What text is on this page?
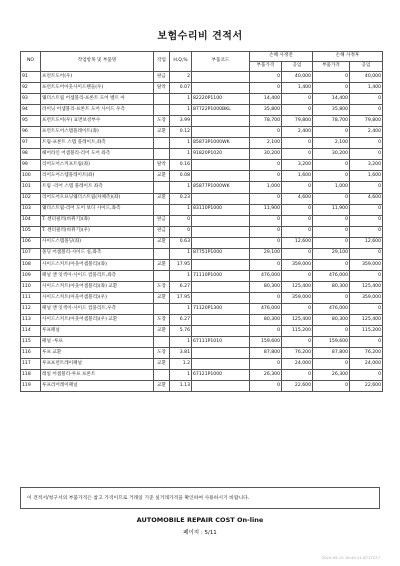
보험수리비 견적서
NO	작업항목 및 부품명	작업	H,Q,%	부품코드	손해 사정전		손해 사정후	
					부품가격	공임	부품가격	공임
91	프런트도어(우)	판금	2		0	40,000	0	40,000
92	프런트도어아웃사이드핸들(우)	탈착	0.07		0	1,400	0	1,400
93	웨더스트립 어셈블리-프론트 도어 벨트 아		1	82220P1100	14,400	0	14,400	0
94	라이닝 어셈블리-프론트 도어 사이드 우측		1	87722P1000BKL	35,800	0	35,800	0
95	프런트도어(우) 표면보강부수	도장	3.99		78,700	79,800	78,700	79,800
96	프런트도어스텝플레이트(좌)	교환	0.12		0	2,400	0	2,400
97	트림-프론트 스텝 플레이트,좌측		1	85873P1000WK	2,100	0	2,100	0
98	헤어라인 어셈블리-리어 도어 좌측		1	91820P1020	30,200	0	30,200	0
99	리어도어스커프트림(좌)	탈착	0.16		0	3,200	0	3,200
100	리어도어스텝플레이트(좌)	교환	0.08		0	1,600	0	1,600
101	트림 -리어 스텝 플레이트 좌측		1	85877P1000WK	1,000	0	1,000	0
102	리어도어오프닝웨더스트립(차체측)(좌)	교환	0.23		0	4,600	0	4,600
103	웨더스트립-리어 도어 보디 사이드,좌측		1	83110P1000	11,900	0	11,900	0
104	T. 센터필러(바뀌기)(좌)	판금	0		0	0	0	0
105	T. 센터필러(바뀌기)(우)	판금	0		0	0	0	0
106	사이드스텝몰딩(좌)	교환	0.63		0	12,600	0	12,600
107	몰딩 어셈블리-사이드 실,좌측		1	87751P1000	29,100	0	29,100	0
108	사이드스커트(아웃어셈블리)(좌)	교환	17.95		0	359,000	0	359,000
109	패널 앤 잇섹이-사이드 컴플리트,좌측		1	71110P1000	476,000	0	476,000	0
110	사이드스커트(아웃어셈블리)(좌) 교환	도장	6.27		80,300	125,400	80,300	125,400
111	사이드스커트(아웃어셈블리)(우)	교환	17.95		0	359,000	0	359,000
112	패널 앤 잇섹이-사이드 컴플리트,우측		1	71120P1300	476,000	0	476,000	0
113	사이드스커트(아웃어셈블리)(우) 교환	도장	6.27		80,300	125,400	80,300	125,400
114	루프패널	교환	5.76		0	115,200	0	115,200
115	패널 -루프		1	67111P1010	159,600	0	159,600	0
116	루프 교환	도장	3.81		87,800	76,200	87,800	76,200
117	루프프런트레이패널	교환	1.2		0	24,000	0	24,000
118	레일 어셈블리-루프 프론트		1	67121P1000	26,300	0	26,300	0
119	루프리어레이패널	교환	1.13		0	22,600	0	22,600
이 견적서/청구서의 부품가격은 참고 가격이므로 거래일 기준 실거래가격을 확인하여 사용하시기 바랍니다.
AUTOMOBILE REPAIR COST On-line
페이지 : 5/11
2024-09-15 16:40:11 8717127
